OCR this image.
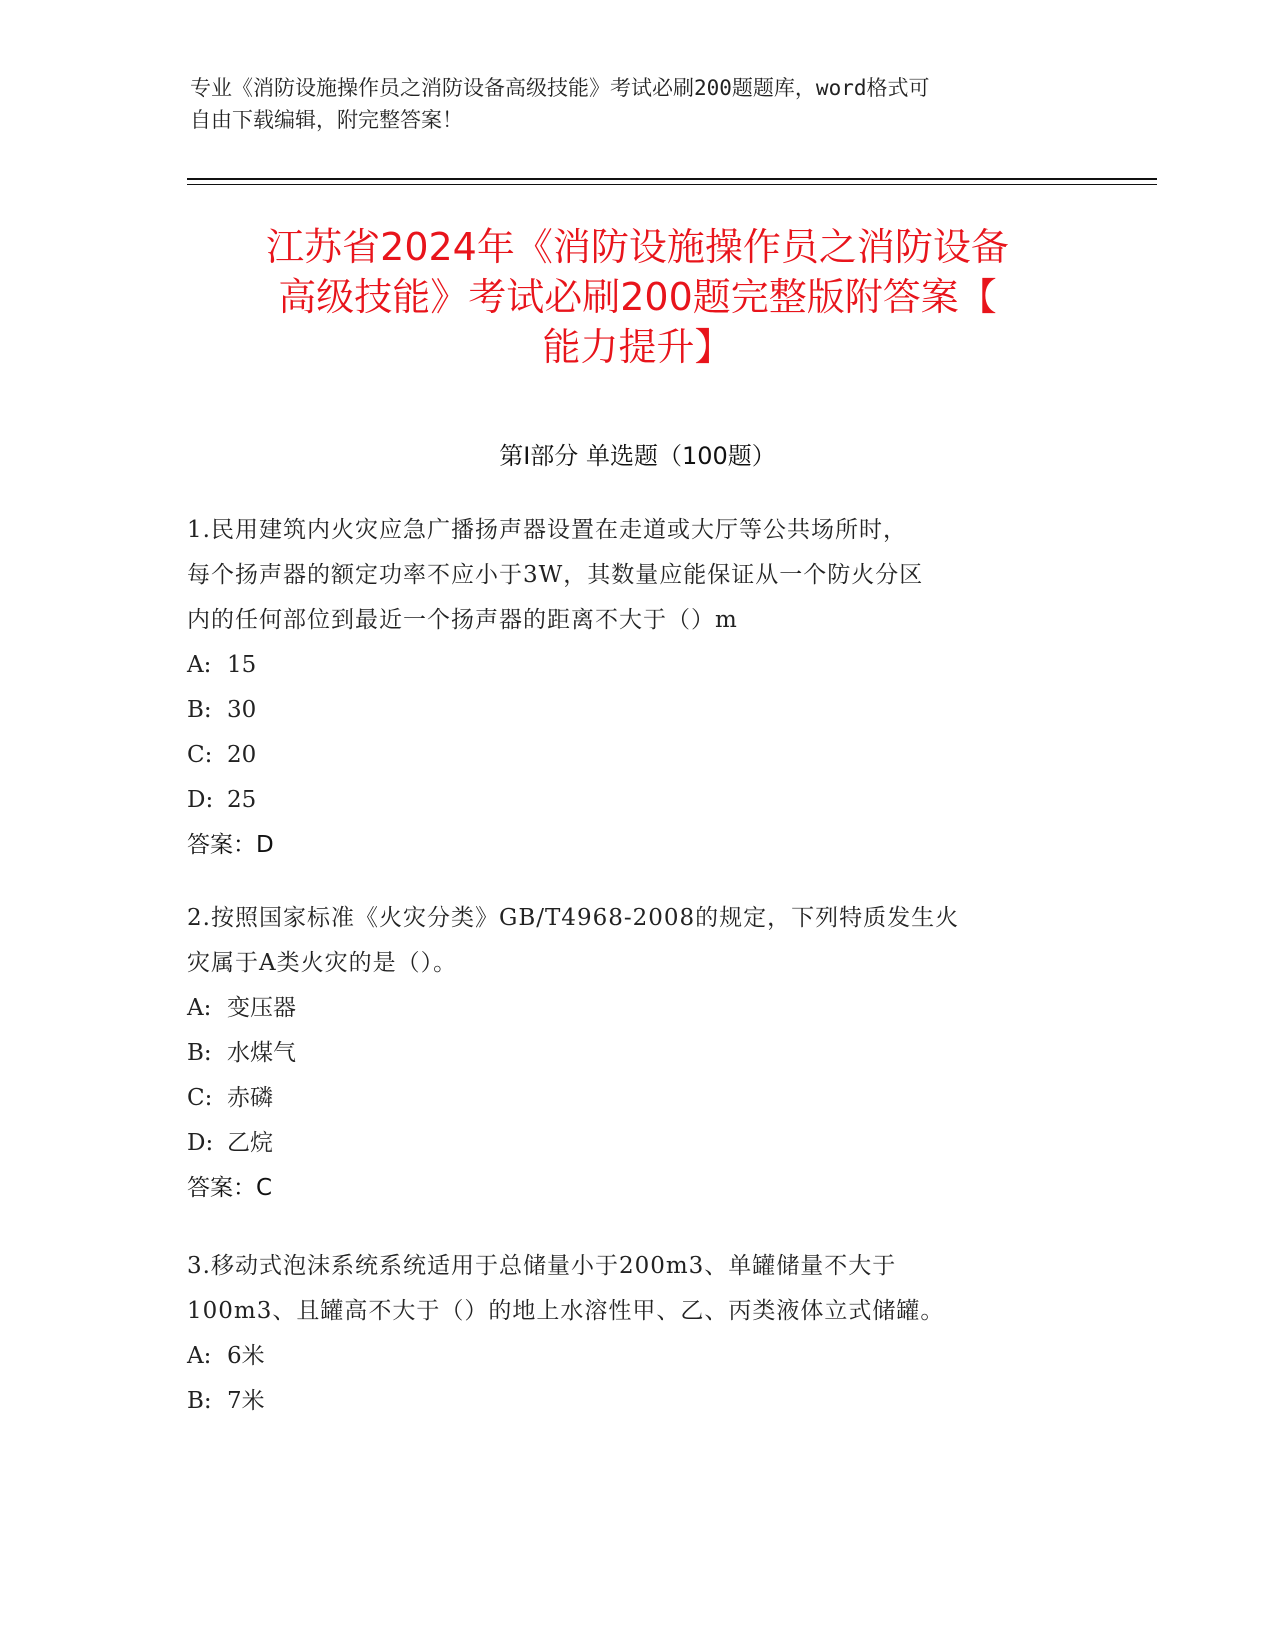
专业《消防设施操作员之消防设备高级技能》考试必刷200题题库，word格式可
自由下载编辑，附完整答案！
江苏省2024年《消防设施操作员之消防设备
高级技能》考试必刷200题完整版附答案【
能力提升】
第Ⅰ部分 单选题（100题）
1.民用建筑内火灾应急广播扬声器设置在走道或大厅等公共场所时，
每个扬声器的额定功率不应小于3W，其数量应能保证从一个防火分区
内的任何部位到最近一个扬声器的距离不大于（）m
A: 15
B: 30
C: 20
D: 25
答案：D
2.按照国家标准《火灾分类》GB/T4968-2008的规定，下列特质发生火
灾属于A类火灾的是（）。
A: 变压器
B: 水煤气
C: 赤磷
D: 乙烷
答案：C
3.移动式泡沫系统系统适用于总储量小于200m3、单罐储量不大于
100m3、且罐高不大于（）的地上水溶性甲、乙、丙类液体立式储罐。
A: 6米
B: 7米
